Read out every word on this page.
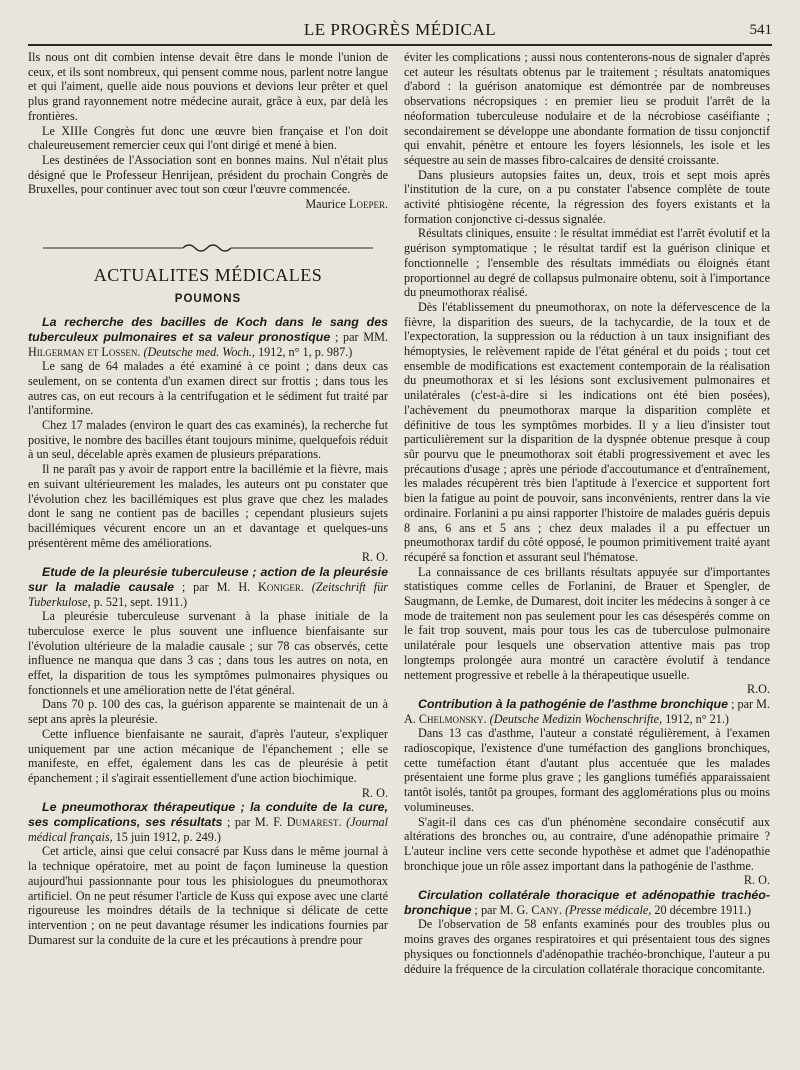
LE PROGRÈS MÉDICAL	541

Ils nous ont dit combien intense devait être dans le monde l'union de ceux, et ils sont nombreux, qui pensent comme nous, parlent notre langue et qui l'aiment, quelle aide nous pouvions et devions leur prêter et quel plus grand rayonnement notre médecine aurait, grâce à eux, par delà les frontières.

Le XIIIe Congrès fut donc une œuvre bien française et l'on doit chaleureusement remercier ceux qui l'ont dirigé et mené à bien.

Les destinées de l'Association sont en bonnes mains. Nul n'était plus désigné que le Professeur Henrijean, président du prochain Congrès de Bruxelles, pour continuer avec tout son cœur l'œuvre commencée.

Maurice Loeper.

ACTUALITES MÉDICALES
POUMONS

La recherche des bacilles de Koch dans le sang des tuberculeux pulmonaires et sa valeur pronostique ; par MM. Hilgerman et Lossen. (Deutsche med. Woch., 1912, n° 1, p. 987.)

Le sang de 64 malades a été examiné à ce point ; dans deux cas seulement, on se contenta d'un examen direct sur frottis ; dans tous les autres cas, on eut recours à la centrifugation et le sédiment fut traité par l'antiformine.

Chez 17 malades (environ le quart des cas examinés), la recherche fut positive, le nombre des bacilles étant toujours minime, quelquefois réduit à un seul, décelable après examen de plusieurs préparations.

Il ne paraît pas y avoir de rapport entre la bacillémie et la fièvre, mais en suivant ultérieurement les malades, les auteurs ont pu constater que l'évolution chez les bacillémiques est plus grave que chez les malades dont le sang ne contient pas de bacilles ; cependant plusieurs sujets bacillémiques vécurent encore un an et davantage et quelques-uns présentèrent même des améliorations.

R. O.

Etude de la pleurésie tuberculeuse ; action de la pleurésie sur la maladie causale ; par M. H. Koniger. (Zeitschrift für Tuberkulose, p. 521, sept. 1911.)

La pleurésie tuberculeuse survenant à la phase initiale de la tuberculose exerce le plus souvent une influence bienfaisante sur l'évolution ultérieure de la maladie causale ; sur 78 cas observés, cette influence ne manqua que dans 3 cas ; dans tous les autres on nota, en effet, la disparition de tous les symptômes pulmonaires physiques ou fonctionnels et une amélioration nette de l'état général.

Dans 70 p. 100 des cas, la guérison apparente se maintenait de un à sept ans après la pleurésie.

Cette influence bienfaisante ne saurait, d'après l'auteur, s'expliquer uniquement par une action mécanique de l'épanchement ; elle se manifeste, en effet, également dans les cas de pleurésie à petit épanchement ; il s'agirait essentiellement d'une action biochimique.

R. O.

Le pneumothorax thérapeutique ; la conduite de la cure, ses complications, ses résultats ; par M. F. Dumarest. (Journal médical français, 15 juin 1912, p. 249.)

Cet article, ainsi que celui consacré par Kuss dans le même journal à la technique opératoire, met au point de façon lumineuse la question aujourd'hui passionnante pour tous les phisiologues du pneumothorax artificiel. On ne peut résumer l'article de Kuss qui expose avec une clarté rigoureuse les moindres détails de la technique si délicate de cette intervention ; on ne peut davantage résumer les indications fournies par Dumarest sur la conduite de la cure et les précautions à prendre pour

éviter les complications ; aussi nous contenterons-nous de signaler d'après cet auteur les résultats obtenus par le traitement ; résultats anatomiques d'abord : la guérison anatomique est démontrée par de nombreuses observations nécropsiques : en premier lieu se produit l'arrêt de la néoformation tuberculeuse nodulaire et de la nécrobiose caséifiante ; secondairement se développe une abondante formation de tissu conjonctif qui envahit, pénètre et entoure les foyers lésionnels, les isole et les séquestre au sein de masses fibro-calcaires de densité croissante.

Dans plusieurs autopsies faites un, deux, trois et sept mois après l'institution de la cure, on a pu constater l'absence complète de toute activité phtisiogène récente, la régression des foyers existants et la formation conjonctive ci-dessus signalée.

Résultats cliniques, ensuite : le résultat immédiat est l'arrêt évolutif et la guérison symptomatique ; le résultat tardif est la guérison clinique et fonctionnelle ; l'ensemble des résultats immédiats ou éloignés étant proportionnel au degré de collapsus pulmonaire obtenu, soit à l'importance du pneumothorax réalisé.

Dès l'établissement du pneumothorax, on note la défervescence de la fièvre, la disparition des sueurs, de la tachycardie, de la toux et de l'expectoration, la suppression ou la réduction à un taux insignifiant des hémoptysies, le relèvement rapide de l'état général et du poids ; tout cet ensemble de modifications est exactement contemporain de la réalisation du pneumothorax et si les lésions sont exclusivement pulmonaires et unilatérales (c'est-à-dire si les indications ont été bien posées), l'achèvement du pneumothorax marque la disparition complète et définitive de tous les symptômes morbides. Il y a lieu d'insister tout particulièrement sur la disparition de la dyspnée obtenue presque à coup sûr pourvu que le pneumothorax soit établi progressivement et avec les précautions d'usage ; après une période d'accoutumance et d'entraînement, les malades récupèrent très bien l'aptitude à l'exercice et supportent fort bien la fatigue au point de pouvoir, sans inconvénients, rentrer dans la vie ordinaire. Forlanini a pu ainsi rapporter l'histoire de malades guéris depuis 8 ans, 6 ans et 5 ans ; chez deux malades il a pu effectuer un pneumothorax tardif du côté opposé, le poumon primitivement traité ayant récupéré sa fonction et assurant seul l'hématose.

La connaissance de ces brillants résultats appuyée sur d'importantes statistiques comme celles de Forlanini, de Brauer et Spengler, de Saugmann, de Lemke, de Dumarest, doit inciter les médecins à songer à ce mode de traitement non pas seulement pour les cas désespérés comme on le fait trop souvent, mais pour tous les cas de tuberculose pulmonaire unilatérale pour lesquels une observation attentive mais pas trop longtemps prolongée aura montré un caractère évolutif à tendance nettement progressive et rebelle à la thérapeutique usuelle.

R.O.

Contribution à la pathogénie de l'asthme bronchique ; par M. A. Chelmonsky. (Deutsche Medizin Wochenschrifte, 1912, n° 21.)

Dans 13 cas d'asthme, l'auteur a constaté régulièrement, à l'examen radioscopique, l'existence d'une tuméfaction des ganglions bronchiques, cette tuméfaction étant d'autant plus accentuée que les malades présentaient une forme plus grave ; les ganglions tuméfiés apparaissaient tantôt isolés, tantôt pa groupes, formant des agglomérations plus ou moins volumineuses.

S'agit-il dans ces cas d'un phénomène secondaire consécutif aux altérations des bronches ou, au contraire, d'une adénopathie primaire ? L'auteur incline vers cette seconde hypothèse et admet que l'adénopathie bronchique joue un rôle assez important dans la pathogénie de l'asthme.

R. O.

Circulation collatérale thoracique et adénopathie trachéo-bronchique ; par M. G. Cany. (Presse médicale, 20 décembre 1911.)

De l'observation de 58 enfants examinés pour des troubles plus ou moins graves des organes respiratoires et qui présentaient tous des signes physiques ou fonctionnels d'adénopathie trachéo-bronchique, l'auteur a pu déduire la fréquence de la circulation collatérale thoracique concomitante.
